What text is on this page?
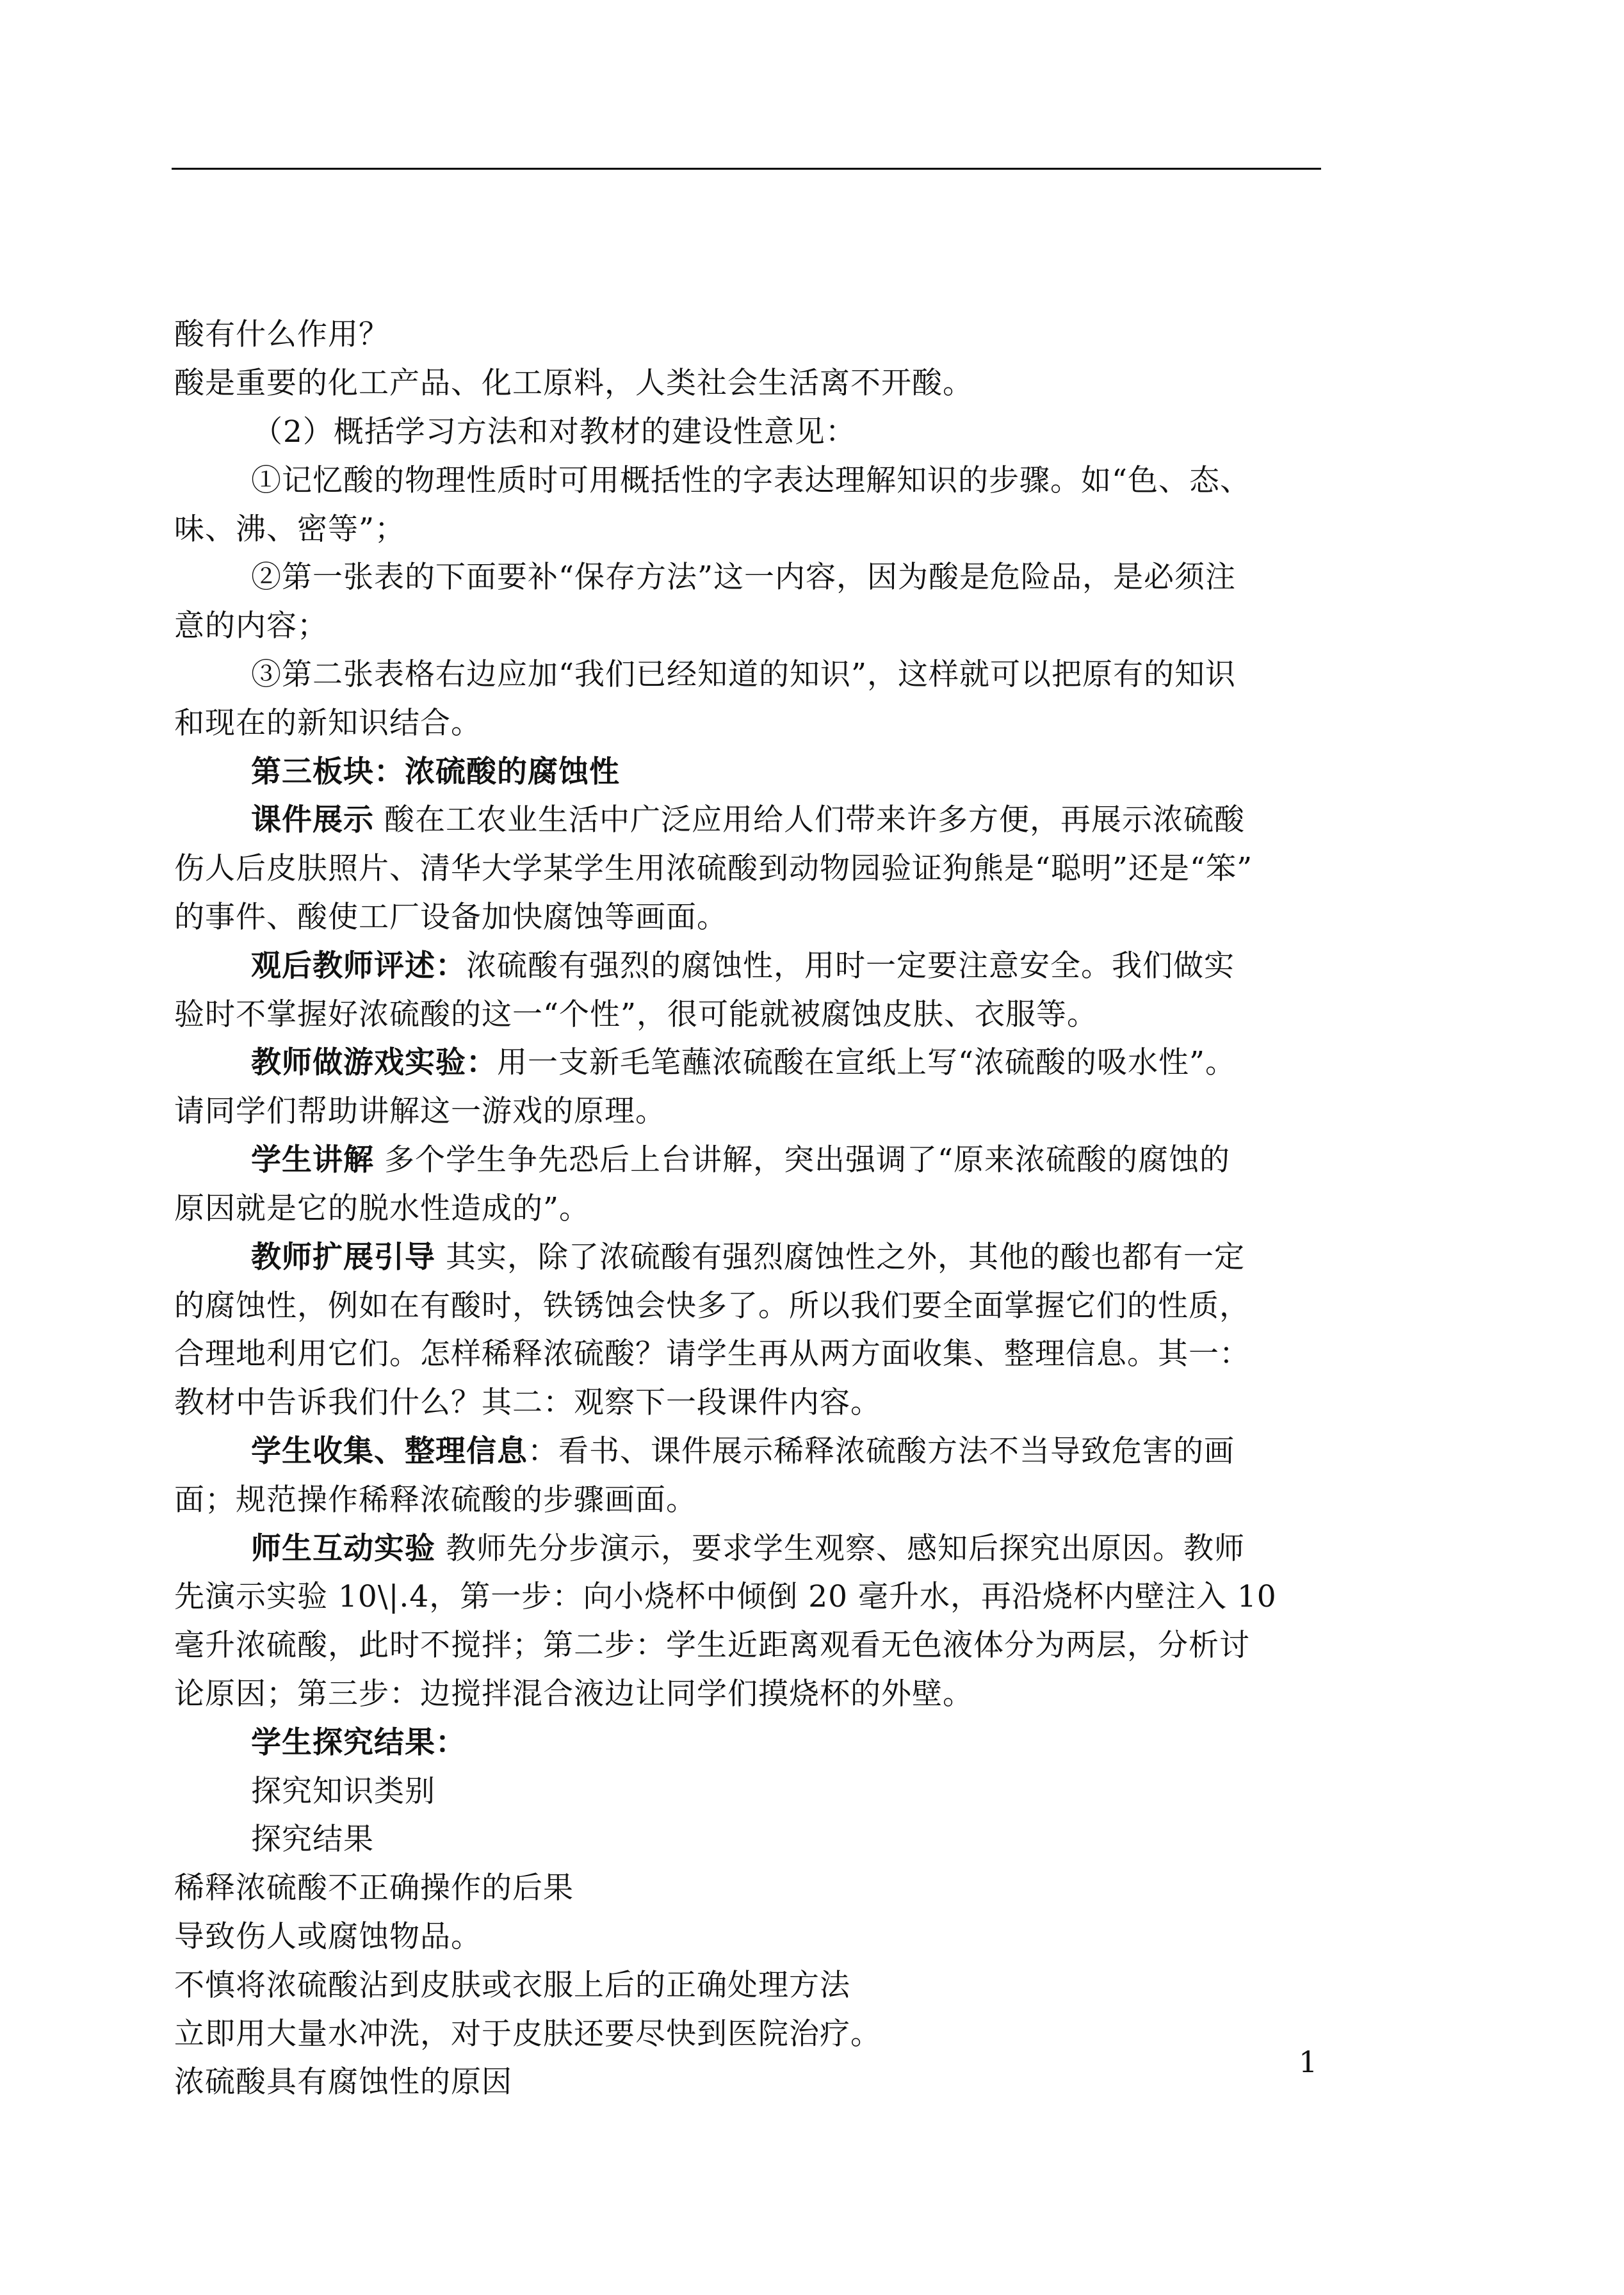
酸有什么作用？
酸是重要的化工产品、化工原料，人类社会生活离不开酸。
（2）概括学习方法和对教材的建设性意见：
①记忆酸的物理性质时可用概括性的字表达理解知识的步骤。如“色、态、
味、沸、密等”；
②第一张表的下面要补“保存方法”这一内容，因为酸是危险品，是必须注
意的内容；
③第二张表格右边应加“我们已经知道的知识”，这样就可以把原有的知识
和现在的新知识结合。
第三板块：浓硫酸的腐蚀性
课件展示 酸在工农业生活中广泛应用给人们带来许多方便，再展示浓硫酸
伤人后皮肤照片、清华大学某学生用浓硫酸到动物园验证狗熊是“聪明”还是“笨”
的事件、酸使工厂设备加快腐蚀等画面。
观后教师评述：浓硫酸有强烈的腐蚀性，用时一定要注意安全。我们做实
验时不掌握好浓硫酸的这一“个性”，很可能就被腐蚀皮肤、衣服等。
教师做游戏实验：用一支新毛笔蘸浓硫酸在宣纸上写“浓硫酸的吸水性”。
请同学们帮助讲解这一游戏的原理。
学生讲解 多个学生争先恐后上台讲解，突出强调了“原来浓硫酸的腐蚀的
原因就是它的脱水性造成的”。
教师扩展引导 其实，除了浓硫酸有强烈腐蚀性之外，其他的酸也都有一定
的腐蚀性，例如在有酸时，铁锈蚀会快多了。所以我们要全面掌握它们的性质，
合理地利用它们。怎样稀释浓硫酸？请学生再从两方面收集、整理信息。其一：
教材中告诉我们什么？其二：观察下一段课件内容。
学生收集、整理信息：看书、课件展示稀释浓硫酸方法不当导致危害的画
面；规范操作稀释浓硫酸的步骤画面。
师生互动实验 教师先分步演示，要求学生观察、感知后探究出原因。教师
先演示实验 10\|.4，第一步：向小烧杯中倾倒 20 毫升水，再沿烧杯内壁注入 10
毫升浓硫酸，此时不搅拌；第二步：学生近距离观看无色液体分为两层，分析讨
论原因；第三步：边搅拌混合液边让同学们摸烧杯的外壁。
学生探究结果：
探究知识类别
探究结果
稀释浓硫酸不正确操作的后果
导致伤人或腐蚀物品。
不慎将浓硫酸沾到皮肤或衣服上后的正确处理方法
立即用大量水冲洗，对于皮肤还要尽快到医院治疗。
浓硫酸具有腐蚀性的原因
1
